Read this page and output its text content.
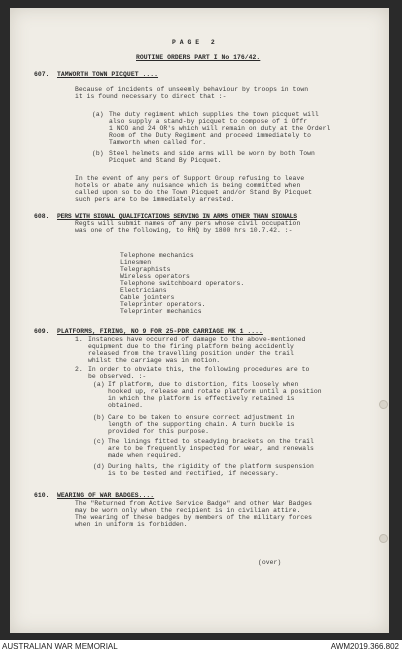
P A G E   2
ROUTINE ORDERS PART I No 176/42.
607. TAMWORTH TOWN PICQUET ....
Because of incidents of unseemly behaviour by troops in town
it is found necessary to direct that :-
(a) The duty regiment which supplies the town picquet will
also supply a stand-by picquet to compose of 1 Offr
1 NCO and 24 OR's which will remain on duty at the Orderl
Room of the Duty Regiment and proceed immediately to
Tamworth when called for.
(b) Steel helmets and side arms will be worn by both Town
Picquet and Stand By Picquet.
In the event of any pers of Support Group refusing to leave
hotels or abate any nuisance which is being committed when
called upon so to do the Town Picquet and/or Stand By Picquet
such pers are to be immediately arrested.
608. PERS WITH SIGNAL QUALIFICATIONS SERVING IN ARMS OTHER THAN SIGNALS
Regts will submit names of any pers whose civil occupation
was one of the following, to RHQ by 1800 hrs 10.7.42. :-
Telephone mechanics
Linesmen
Telegraphists
Wireless operators
Telephone switchboard operators.
Electricians
Cable jointers
Teleprinter operators.
Teleprinter mechanics
609. PLATFORMS, FIRING, NO 9 FOR 25-PDR CARRIAGE MK 1 ....
1. Instances have occurred of damage to the above-mentioned
equipment due to the firing platform being accidently
released from the travelling position under the trail
whilst the carriage was in motion.
2. In order to obviate this, the following procedures are to
be observed. :-
(a) If platform, due to distortion, fits loosely when
hooked up, release and rotate platform until a position
in which the platform is effectively retained is
obtained.
(b) Care to be taken to ensure correct adjustment in
length of the supporting chain. A turn buckle is
provided for this purpose.
(c) The linings fitted to steadying brackets on the trail
are to be frequently inspected for wear, and renewals
made when required.
(d) During halts, the rigidity of the platform suspension
is to be tested and rectified, if necessary.
610. WEARING OF WAR BADGES....
The "Returned from Active Service Badge" and other War Badges
may be worn only when the recipient is in civilian attire.
The wearing of these badges by members of the military forces
when in uniform is forbidden.
(over)
AUSTRALIAN WAR MEMORIAL	AWM2019.366.802
